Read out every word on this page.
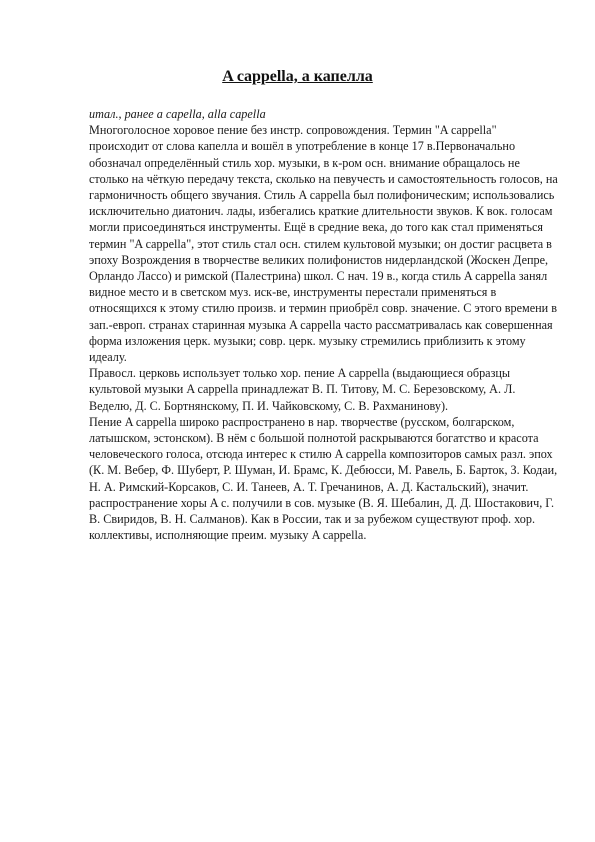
A cappella, a капелла

итал., ранее a capella, alla capella

Многоголосное хоровое пение без инстр. сопровождения. Термин "A cappella" происходит от слова капелла и вошёл в употребление в конце 17 в.Первоначально обозначал определённый стиль хор. музыки, в к-ром осн. внимание обращалось не столько на чёткую передачу текста, сколько на певучесть и самостоятельность голосов, на гармоничность общего звучания. Стиль A cappella был полифоническим; использовались исключительно диатонич. лады, избегались краткие длительности звуков. К вок. голосам могли присоединяться инструменты. Ещё в средние века, до того как стал применяться термин "A cappella", этот стиль стал осн. стилем культовой музыки; он достиг расцвета в эпоху Возрождения в творчестве великих полифонистов нидерландской (Жоскен Депре, Орландо Лассо) и римской (Палестрина) школ. С нач. 19 в., когда стиль A cappella занял видное место и в светском муз. иск-ве, инструменты перестали применяться в относящихся к этому стилю произв. и термин приобрёл совр. значение. С этого времени в зап.-европ. странах старинная музыка A cappella часто рассматривалась как совершенная форма изложения церк. музыки; совр. церк. музыку стремились приблизить к этому идеалу.

Правосл. церковь использует только хор. пение A cappella (выдающиеся образцы культовой музыки A cappella принадлежат В. П. Титову, М. С. Березовскому, А. Л. Веделю, Д. С. Бортнянскому, П. И. Чайковскому, С. В. Рахманинову).

Пение A cappella широко распространено в нар. творчестве (русском, болгарском, латышском, эстонском). В нём с большой полнотой раскрываются богатство и красота человеческого голоса, отсюда интерес к стилю A cappella композиторов самых разл. эпох (К. М. Вебер, Ф. Шуберт, Р. Шуман, И. Брамс, К. Дебюсси, М. Равель, Б. Барток, З. Кодаи, Н. А. Римский-Корсаков, С. И. Танеев, А. Т. Гречанинов, А. Д. Кастальский), значит. распространение хоры A c. получили в сов. музыке (В. Я. Шебалин, Д. Д. Шостакович, Г. В. Свиридов, В. Н. Салманов). Как в России, так и за рубежом существуют проф. хор. коллективы, исполняющие преим. музыку A cappella.
